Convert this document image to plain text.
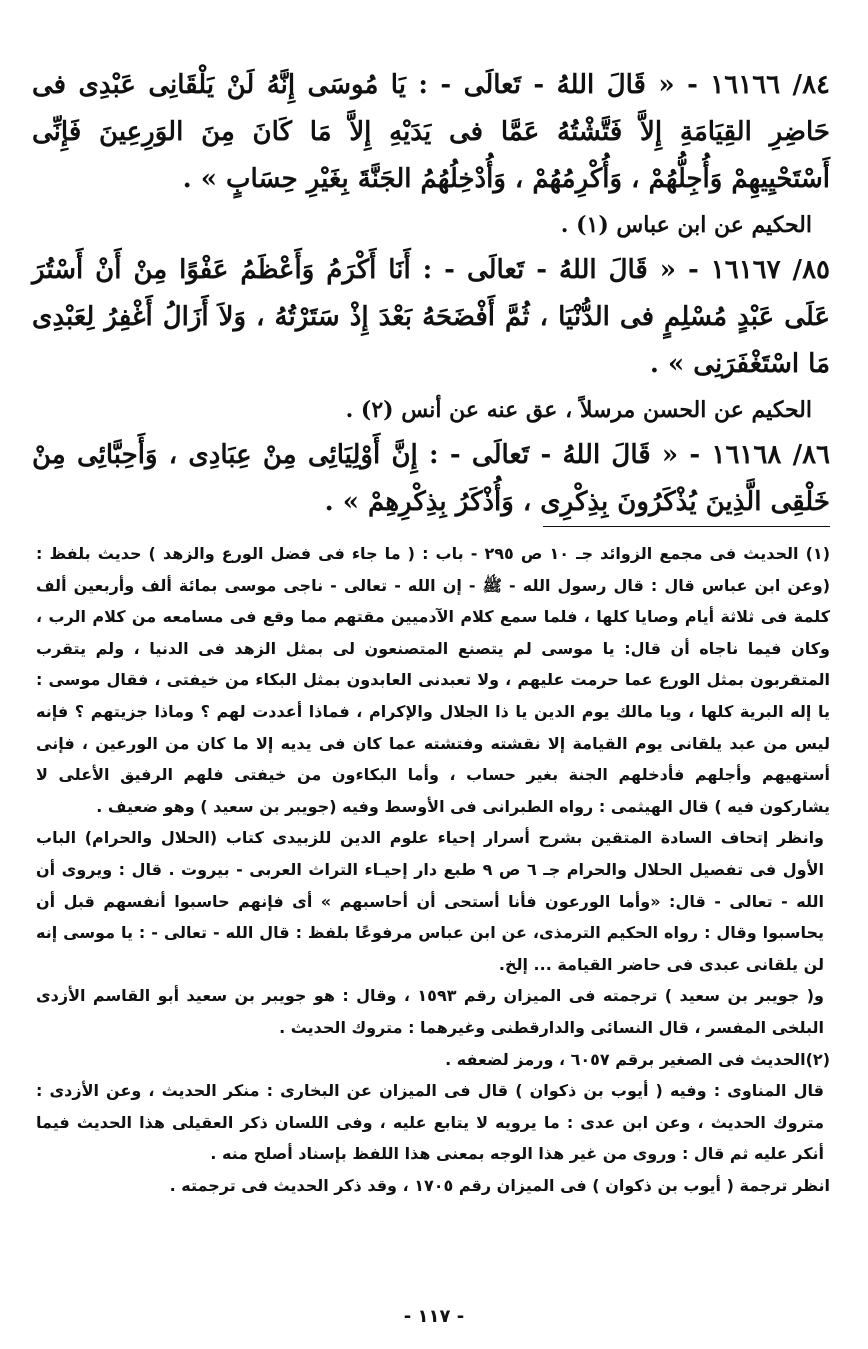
٨٤/ ١٦١٦٦ - « قَالَ اللهُ - تَعالَى - : يَا مُوسَى إِنَّهُ لَنْ يَلْقَانِى عَبْدِى فى حَاضِرِ القِيَامَةِ إِلاَّ فَتَّشْتُهُ عَمَّا فى يَدَيْهِ إِلاَّ مَا كَانَ مِنَ الوَرِعِينَ فَإِنِّى أَسْتَحْيِيهِمْ وَأُجِلُّهُمْ ، وَأُكْرِمُهُمْ ، وَأُدْخِلُهُمُ الجَنَّةَ بِغَيْرِ حِسَابٍ » .

الحكيم عن ابن عباس (١) .

٨٥/ ١٦١٦٧ - « قَالَ اللهُ - تَعالَى - : أَنَا أَكْرَمُ وَأَعْظَمُ عَفْوًا مِنْ أَنْ أَسْتُرَ عَلَى عَبْدٍ مُسْلِمٍ فى الدُّنْيَا ، ثُمَّ أَفْضَحَهُ بَعْدَ إِذْ سَتَرْتُهُ ، وَلاَ أَزَالُ أَغْفِرُ لِعَبْدِى مَا اسْتَغْفَرَنِى » .

الحكيم عن الحسن مرسلاً ، عق عنه عن أنس (٢) .

٨٦/ ١٦١٦٨ - « قَالَ اللهُ - تَعالَى - : إِنَّ أَوْلِيَائِى مِنْ عِبَادِى ، وَأَحِبَّائِى مِنْ خَلْقِى الَّذِينَ يُذْكَرُونَ بِذِكْرِى ، وَأُذْكَرُ بِذِكْرِهِمْ » .

(١) الحديث فى مجمع الزوائد جـ ١٠ ص ٢٩٥ - باب : ( ما جاء فى فضل الورع والزهد ) حديث بلفظ : (وعن ابن عباس قال : قال رسول الله - ﷺ - إن الله - تعالى - ناجى موسى بمائة ألف وأربعين ألف كلمة فى ثلاثة أيام وصايا كلها ، فلما سمع كلام الآدميين مقتهم مما وقع فى مسامعه من كلام الرب ، وكان فيما ناجاه أن قال: يا موسى لم يتصنع المتصنعون لى بمثل الزهد فى الدنيا ، ولم يتقرب المتقربون بمثل الورع عما حرمت عليهم ، ولا تعبدنى العابدون بمثل البكاء من خيفتى ، فقال موسى : يا إله البرية كلها ، ويا مالك يوم الدين يا ذا الجلال والإكرام ، فماذا أعددت لهم ؟ وماذا جزيتهم ؟ فإنه ليس من عبد يلقانى يوم القيامة إلا نقشته وفتشته عما كان فى يديه إلا ما كان من الورعين ، فإنى أستهيهم وأجلهم فأدخلهم الجنة بغير حساب ، وأما البكاءون من خيفتى فلهم الرفيق الأعلى لا يشاركون فيه ) قال الهيثمى : رواه الطبرانى فى الأوسط وفيه (جويبر بن سعيد ) وهو ضعيف .

وانظر إتحاف السادة المتقين بشرح أسرار إحياء علوم الدين للزبيدى كتاب (الحلال والحرام) الباب الأول فى تفصيل الحلال والحرام جـ ٦ ص ٩ طبع دار إحيـاء التراث العربى - بيروت . قال : ويروى أن الله - تعالى - قال: «وأما الورعون فأنا أستحى أن أحاسبهم » أى فإنهم حاسبوا أنفسهم قبل أن يحاسبوا وقال : رواه الحكيم الترمذى، عن ابن عباس مرفوعًا بلفظ : قال الله - تعالى - : يا موسى إنه لن يلقانى عبدى فى حاضر القيامة ... إلخ.

و( جويبر بن سعيد ) ترجمته فى الميزان رقم ١٥٩٣ ، وقال : هو جويبر بن سعيد أبو القاسم الأزدى البلخى المفسر ، قال النسائى والدارقطنى وغيرهما : متروك الحديث .

(٢)الحديث فى الصغير برقم ٦٠٥٧ ، ورمز لضعفه .

قال المناوى : وفيه ( أيوب بن ذكوان ) قال فى الميزان عن البخارى : منكر الحديث ، وعن الأزدى : متروك الحديث ، وعن ابن عدى : ما يرويه لا يتابع عليه ، وفى اللسان ذكر العقيلى هذا الحديث فيما أنكر عليه ثم قال : وروى من غير هذا الوجه بمعنى هذا اللفظ بإسناد أصلح منه .

انظر ترجمة ( أيوب بن ذكوان ) فى الميزان رقم ١٧٠٥ ، وقد ذكر الحديث فى ترجمته .

- ١١٧ -
